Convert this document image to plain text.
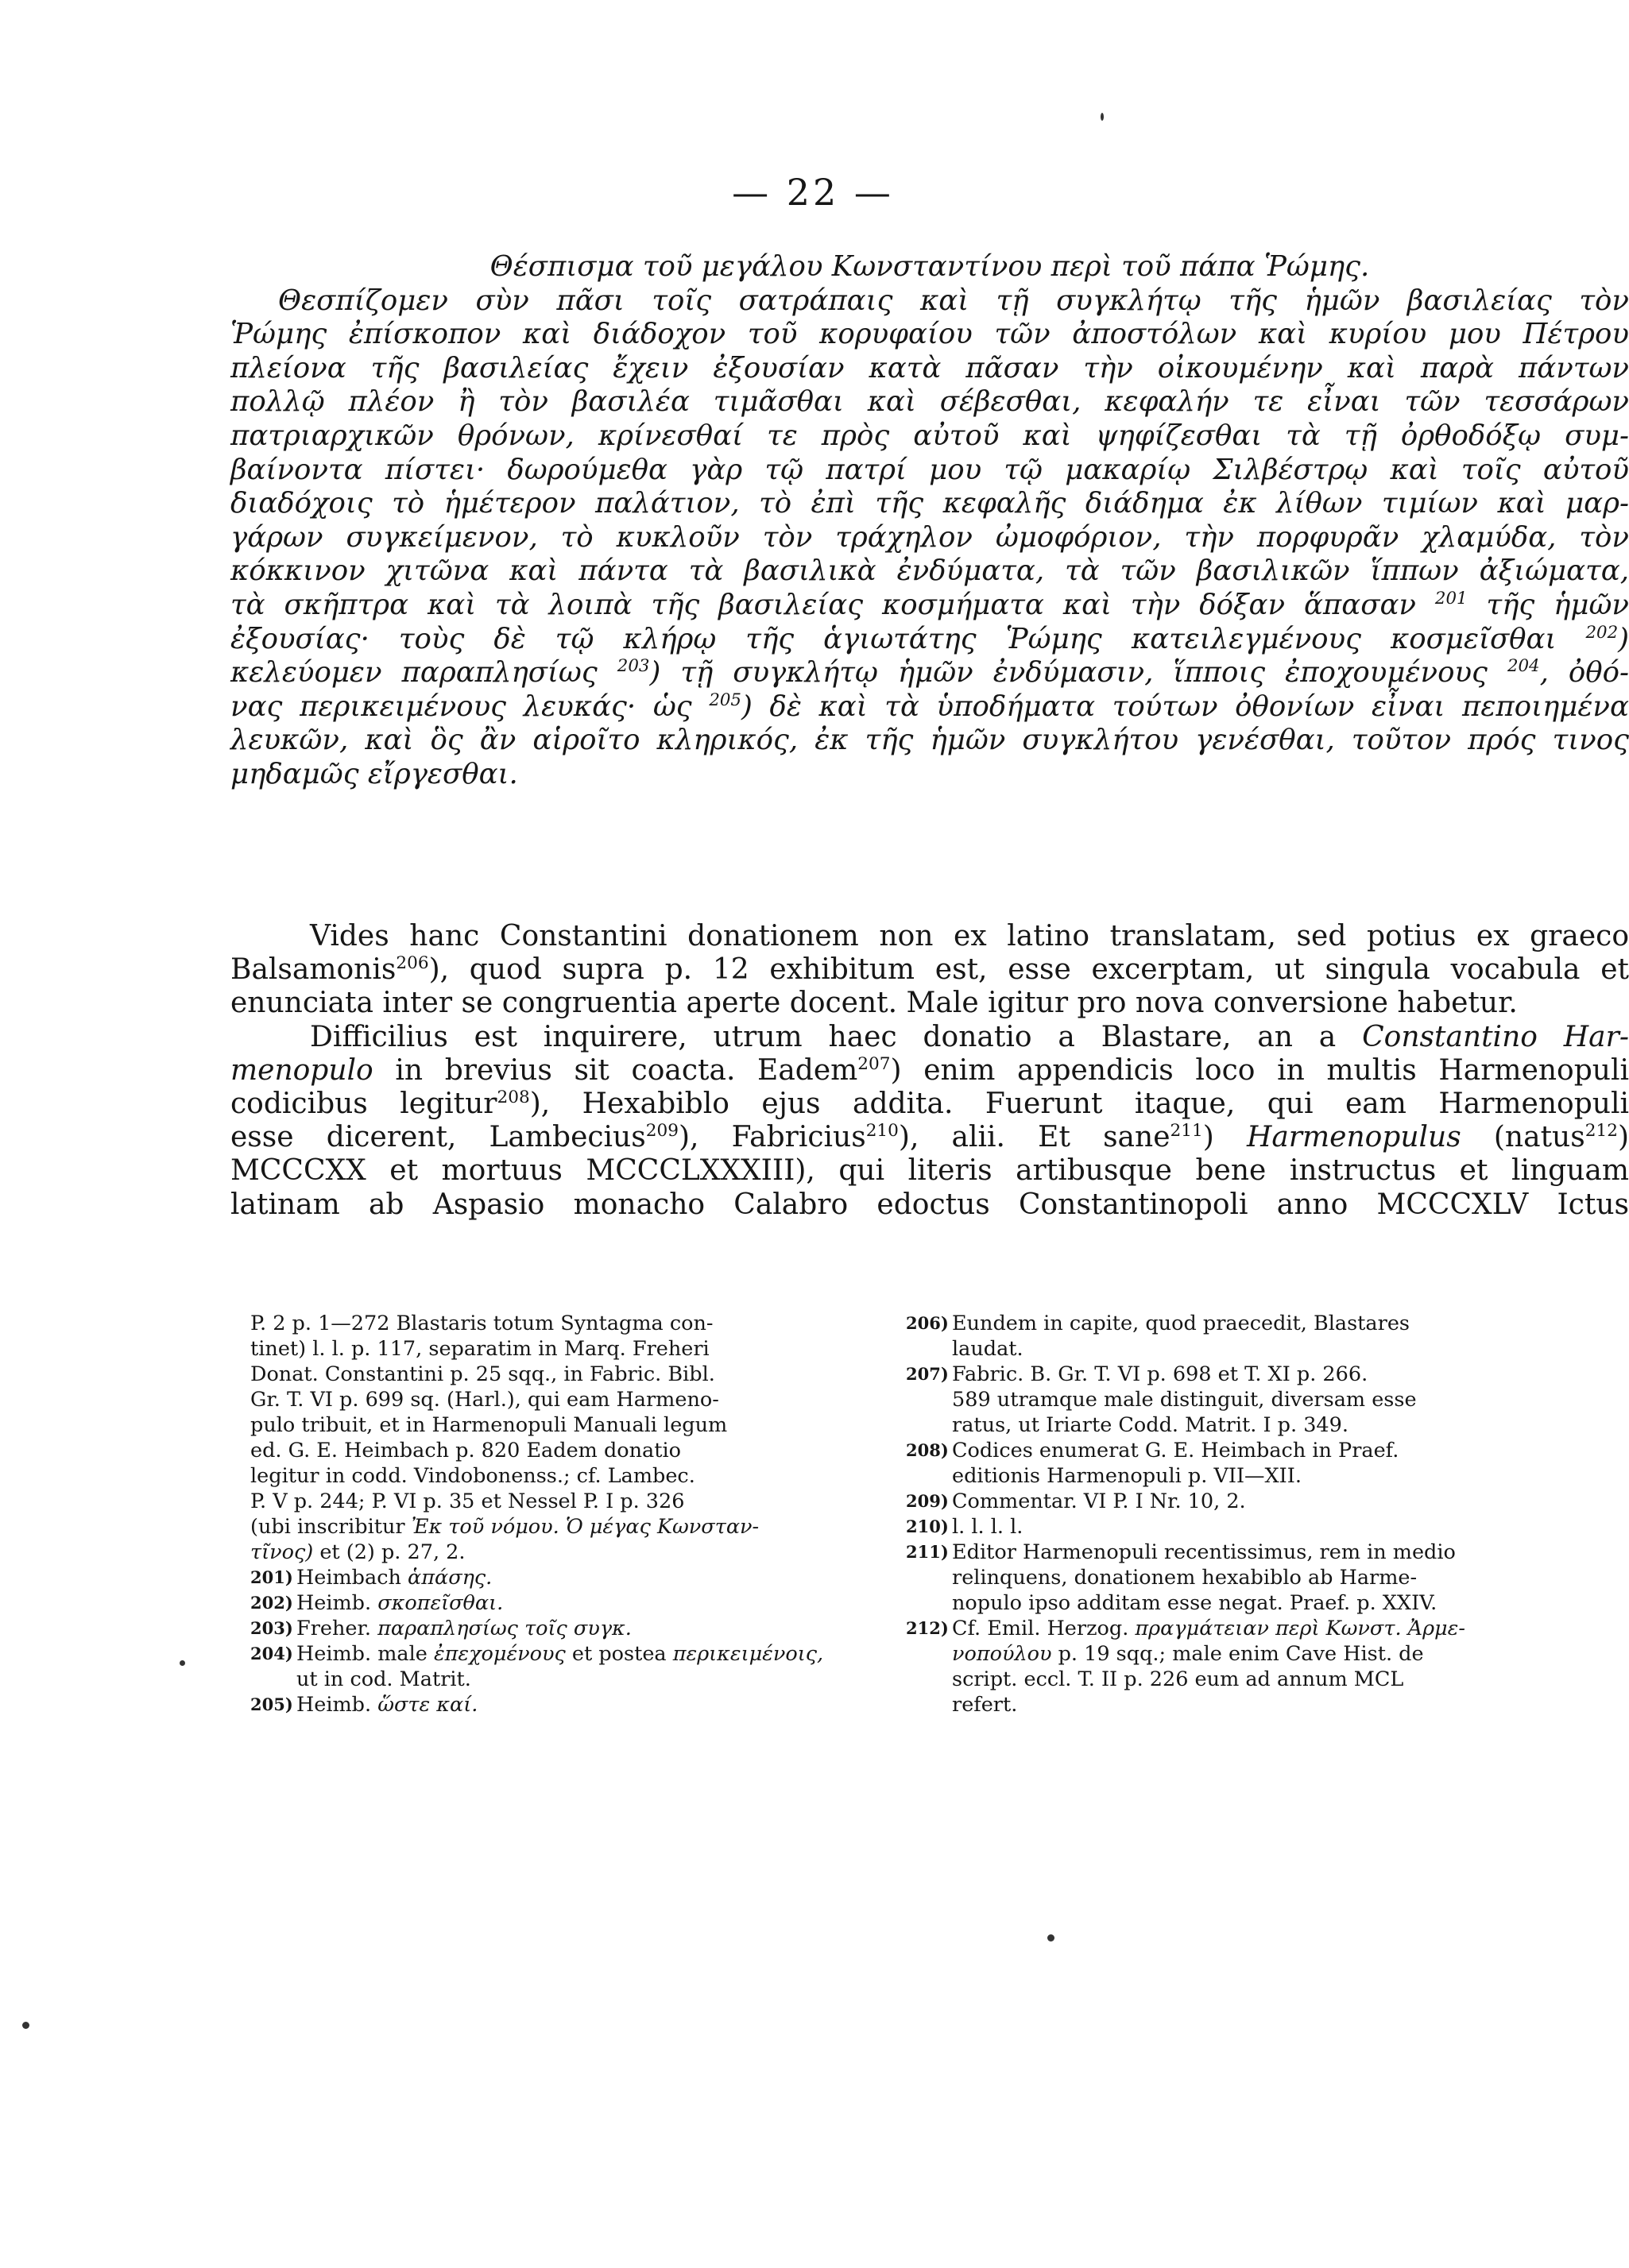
— 22 —
Θέσπισμα τοῦ μεγάλου Κωνσταντίνου περὶ τοῦ πάπα Ῥώμης.
Θεσπίζομεν σὺν πᾶσι τοῖς σατράπαις καὶ τῇ συγκλήτῳ τῆς ἡμῶν βασιλείας τὸν
Ῥώμης ἐπίσκοπον καὶ διάδοχον τοῦ κορυφαίου τῶν ἀποστόλων καὶ κυρίου μου Πέτρου
πλείονα τῆς βασιλείας ἔχειν ἐξουσίαν κατὰ πᾶσαν τὴν οἰκουμένην καὶ παρὰ πάντων
πολλῷ πλέον ἢ τὸν βασιλέα τιμᾶσθαι καὶ σέβεσθαι, κεφαλήν τε εἶναι τῶν τεσσάρων
πατριαρχικῶν θρόνων, κρίνεσθαί τε πρὸς αὐτοῦ καὶ ψηφίζεσθαι τὰ τῇ ὀρθοδόξῳ συμ-
βαίνοντα πίστει· δωρούμεθα γὰρ τῷ πατρί μου τῷ μακαρίῳ Σιλβέστρῳ καὶ τοῖς αὐτοῦ
διαδόχοις τὸ ἡμέτερον παλάτιον, τὸ ἐπὶ τῆς κεφαλῆς διάδημα ἐκ λίθων τιμίων καὶ μαρ-
γάρων συγκείμενον, τὸ κυκλοῦν τὸν τράχηλον ὠμοφόριον, τὴν πορφυρᾶν χλαμύδα, τὸν
κόκκινον χιτῶνα καὶ πάντα τὰ βασιλικὰ ἐνδύματα, τὰ τῶν βασιλικῶν ἵππων ἀξιώματα,
τὰ σκῆπτρα καὶ τὰ λοιπὰ τῆς βασιλείας κοσμήματα καὶ τὴν δόξαν ἅπασαν $^{201}$ τῆς ἡμῶν
ἐξουσίας· τοὺς δὲ τῷ κλήρῳ τῆς ἁγιωτάτης Ῥώμης κατειλεγμένους κοσμεῖσθαι $^{202}$)
κελεύομεν παραπλησίως $^{203}$) τῇ συγκλήτῳ ἡμῶν ἐνδύμασιν, ἵπποις ἐποχουμένους $^{204}$, ὀθό-
νας περικειμένους λευκάς· ὡς $^{205}$) δὲ καὶ τὰ ὑποδήματα τούτων ὀθονίων εἶναι πεποιημένα
λευκῶν, καὶ ὃς ἂν αἱροῖτο κληρικός, ἐκ τῆς ἡμῶν συγκλήτου γενέσθαι, τοῦτον πρός τινος
μηδαμῶς εἴργεσθαι.
Vides hanc Constantini donationem non ex latino translatam, sed potius ex graeco
Balsamonis$^{206}$), quod supra p. 12 exhibitum est, esse excerptam, ut singula vocabula et
enunciata inter se congruentia aperte docent. Male igitur pro nova conversione habetur.
Difficilius est inquirere, utrum haec donatio a Blastare, an a Constantino Har-
menopulo in brevius sit coacta. Eadem$^{207}$) enim appendicis loco in multis Harmenopuli
codicibus legitur$^{208}$), Hexabiblo ejus addita. Fuerunt itaque, qui eam Harmenopuli
esse dicerent, Lambecius$^{209}$), Fabricius$^{210}$), alii. Et sane$^{211}$) Harmenopulus (natus$^{212}$)
MCCCXX et mortuus MCCCLXXXIII), qui literis artibusque bene instructus et linguam
latinam ab Aspasio monacho Calabro edoctus Constantinopoli anno MCCCXLV Ictus
P. 2 p. 1—272 Blastaris totum Syntagma con-
tinet) l. l. p. 117, separatim in Marq. Freheri
Donat. Constantini p. 25 sqq., in Fabric. Bibl.
Gr. T. VI p. 699 sq. (Harl.), qui eam Harmeno-
pulo tribuit, et in Harmenopuli Manuali legum
ed. G. E. Heimbach p. 820 Eadem donatio
legitur in codd. Vindobonenss.; cf. Lambec.
P. V p. 244; P. VI p. 35 et Nessel P. I p. 326
(ubi inscribitur Ἐκ τοῦ νόμου. Ὁ μέγας Κωνσταν-
τῖνος) et (2) p. 27, 2.
201) Heimbach ἁπάσης.
202) Heimb. σκοπεῖσθαι.
203) Freher. παραπλησίως τοῖς συγκ.
204) Heimb. male ἐπεχομένους et postea περικειμένοις,
ut in cod. Matrit.
205) Heimb. ὥστε καί.
206) Eundem in capite, quod praecedit, Blastares
laudat.
207) Fabric. B. Gr. T. VI p. 698 et T. XI p. 266.
589 utramque male distinguit, diversam esse
ratus, ut Iriarte Codd. Matrit. I p. 349.
208) Codices enumerat G. E. Heimbach in Praef.
editionis Harmenopuli p. VII—XII.
209) Commentar. VI P. I Nr. 10, 2.
210) l. l. l. l.
211) Editor Harmenopuli recentissimus, rem in medio
relinquens, donationem hexabiblo ab Harme-
nopulo ipso additam esse negat. Praef. p. XXIV.
212) Cf. Emil. Herzog. πραγμάτειαν περὶ Κωνστ. Ἀρμε-
νοπούλου p. 19 sqq.; male enim Cave Hist. de
script. eccl. T. II p. 226 eum ad annum MCL
refert.
